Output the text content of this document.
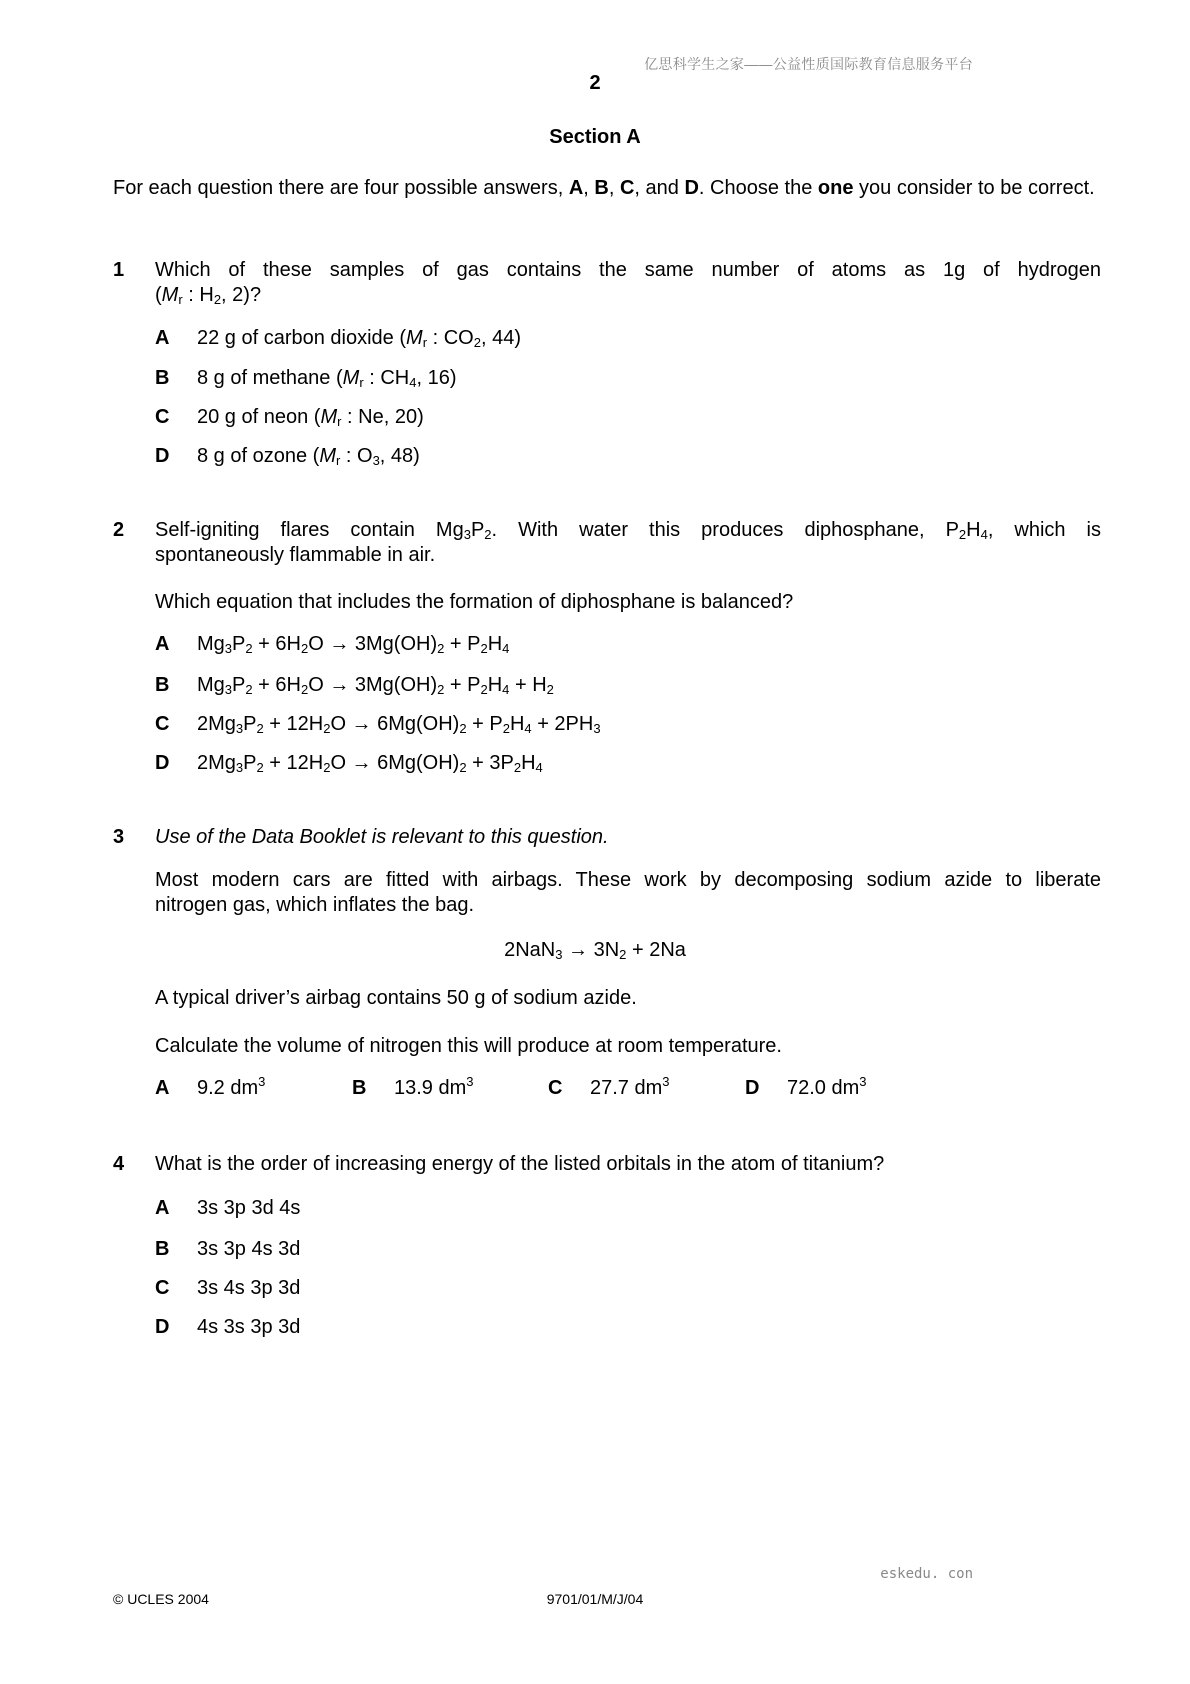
亿思科学生之家——公益性质国际教育信息服务平台
2
Section A
For each question there are four possible answers, A, B, C, and D. Choose the one you consider to be correct.
1 Which of these samples of gas contains the same number of atoms as 1g of hydrogen
($M_r$ : $H_2$, 2)?
A 22 g of carbon dioxide ($M_r$ : $CO_2$, 44)
B 8 g of methane ($M_r$ : $CH_4$, 16)
C 20 g of neon ($M_r$ : Ne, 20)
D 8 g of ozone ($M_r$ : $O_3$, 48)
2 Self-igniting flares contain $Mg_3P_2$. With water this produces diphosphane, $P_2H_4$, which is
spontaneously flammable in air.
Which equation that includes the formation of diphosphane is balanced?
A $Mg_3P_2 + 6H_2O \to 3Mg(OH)_2 + P_2H_4$
B $Mg_3P_2 + 6H_2O \to 3Mg(OH)_2 + P_2H_4 + H_2$
C $2Mg_3P_2 + 12H_2O \to 6Mg(OH)_2 + P_2H_4 + 2PH_3$
D $2Mg_3P_2 + 12H_2O \to 6Mg(OH)_2 + 3P_2H_4$
3 Use of the Data Booklet is relevant to this question.
Most modern cars are fitted with airbags. These work by decomposing sodium azide to liberate
nitrogen gas, which inflates the bag.
$2NaN_3 \to 3N_2 + 2Na$
A typical driver’s airbag contains 50 g of sodium azide.
Calculate the volume of nitrogen this will produce at room temperature.
A 9.2 $dm^3$	B 13.9 $dm^3$	C 27.7 $dm^3$	D 72.0 $dm^3$
4 What is the order of increasing energy of the listed orbitals in the atom of titanium?
A 3s 3p 3d 4s
B 3s 3p 4s 3d
C 3s 4s 3p 3d
D 4s 3s 3p 3d
eskedu. con
© UCLES 2004	9701/01/M/J/04
